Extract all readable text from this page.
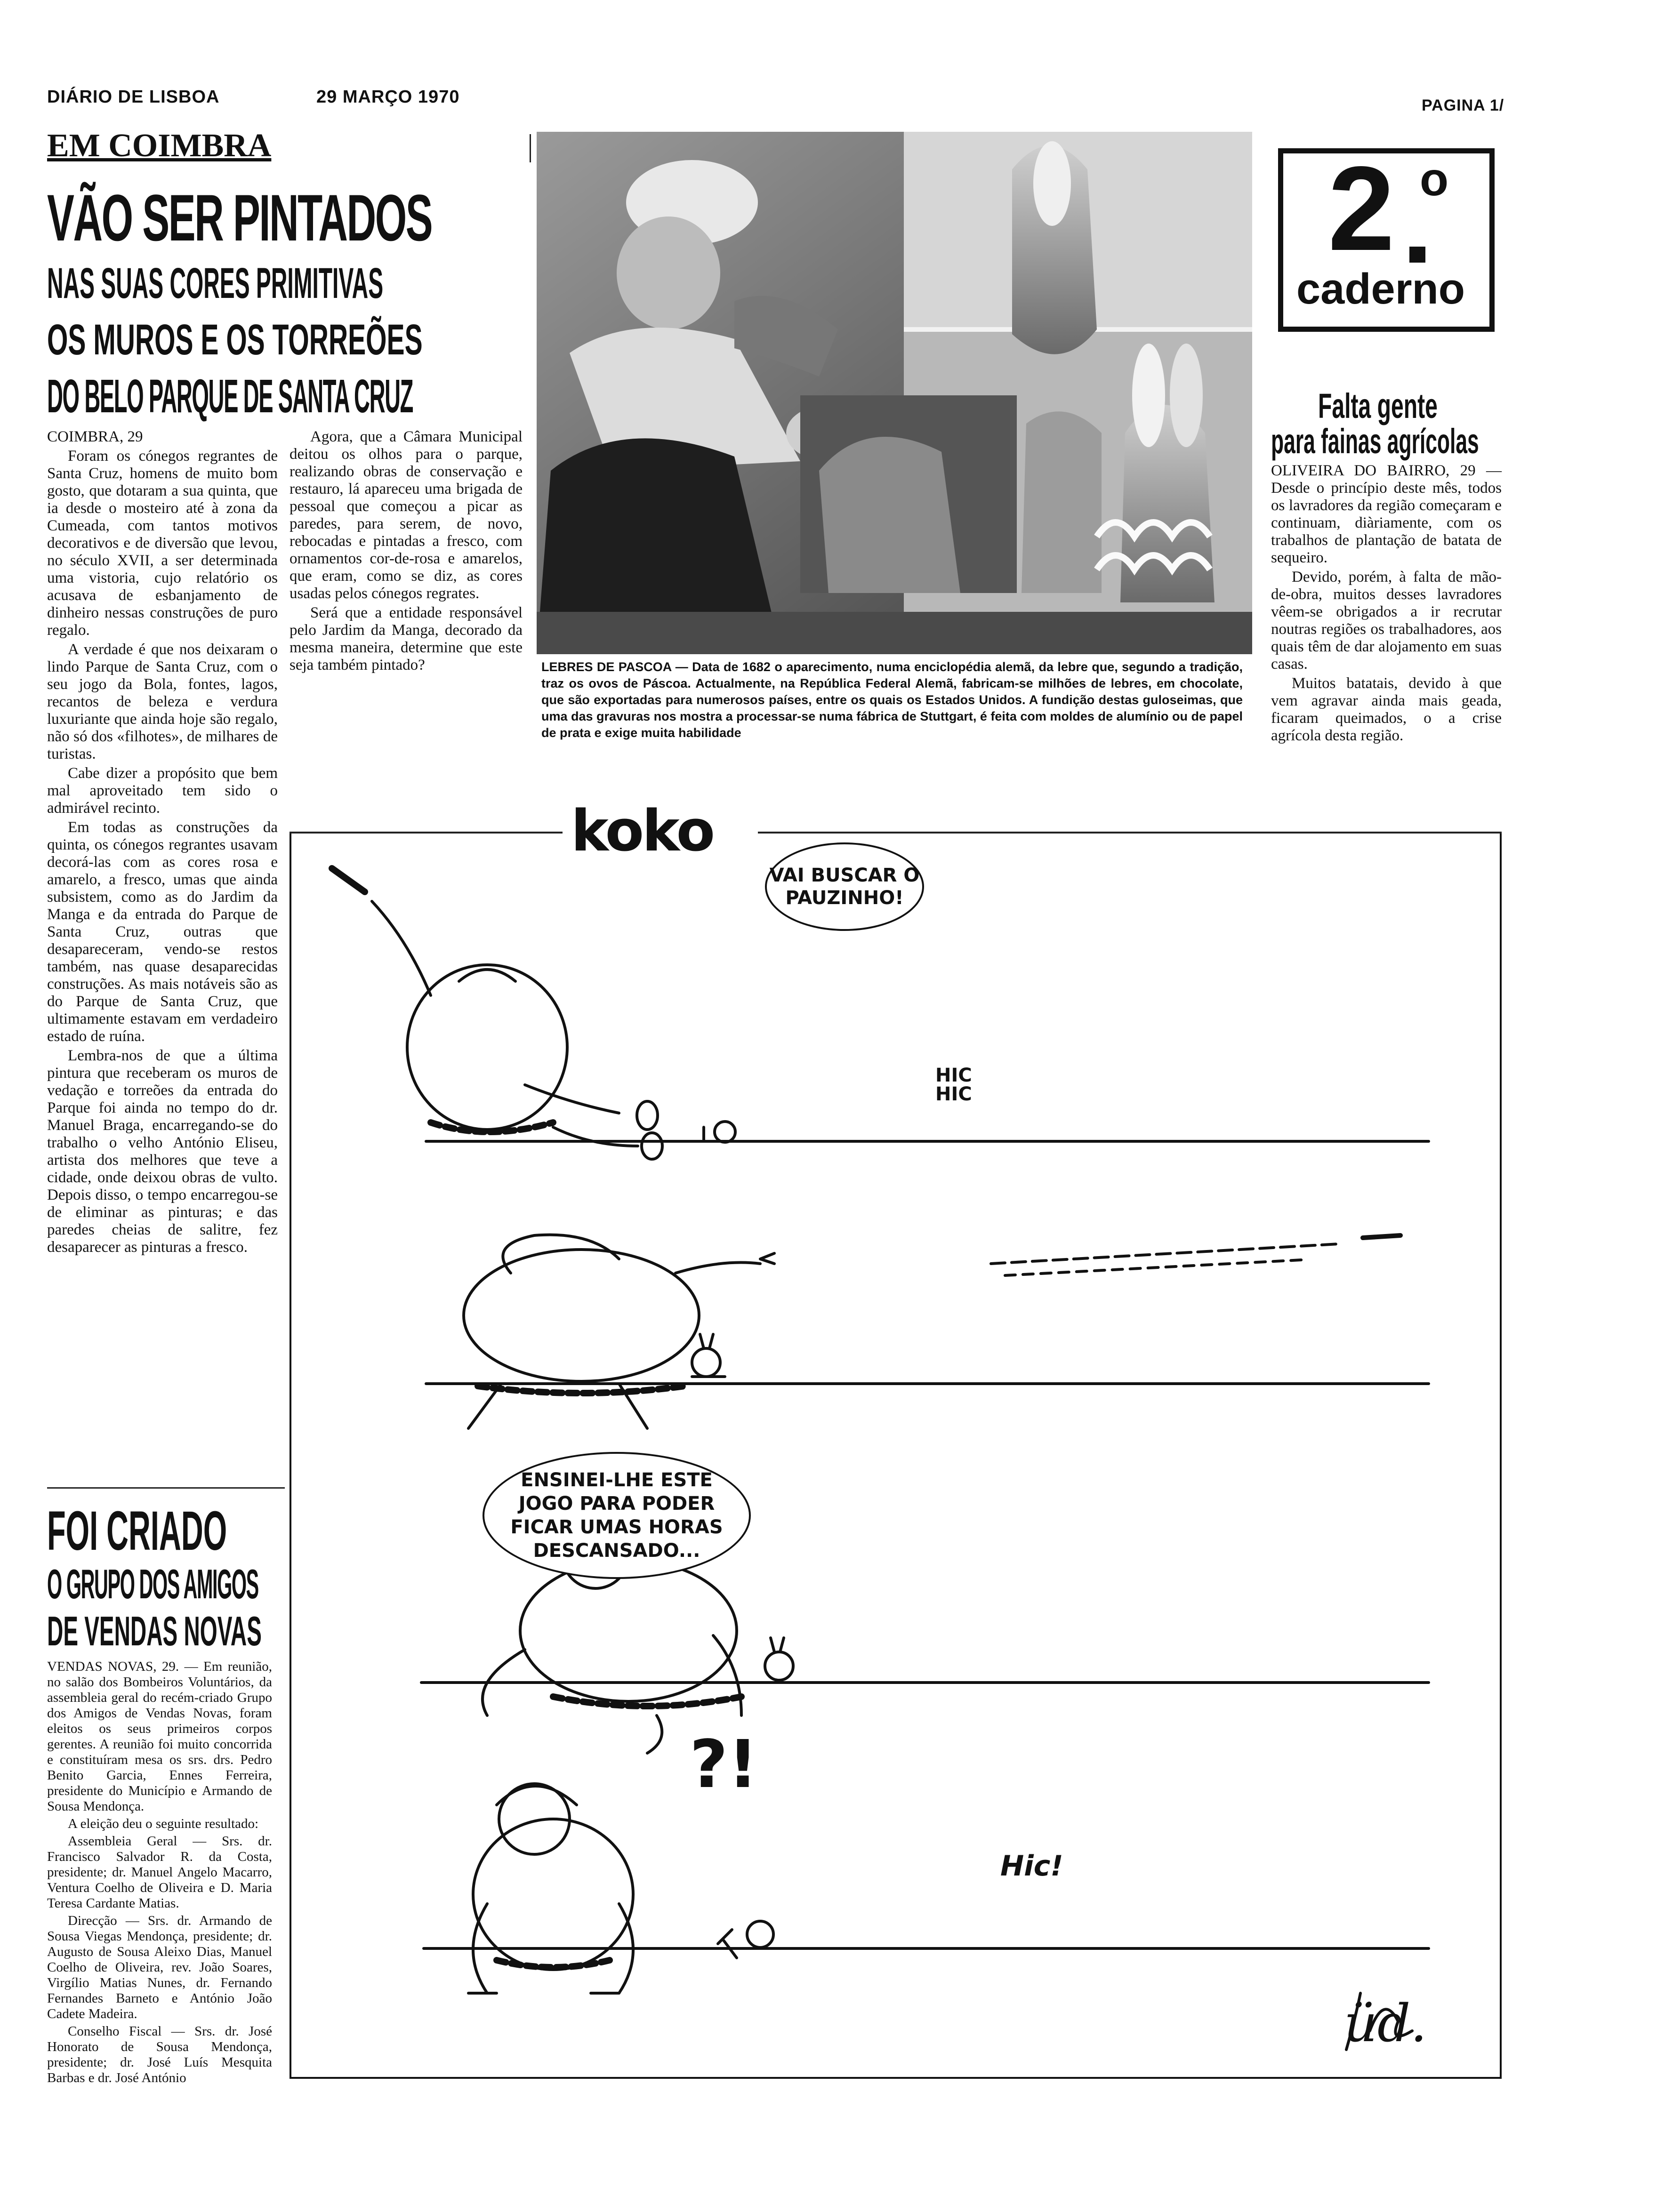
DIÁRIO DE LISBOA	29 MARÇO 1970	PAGINA 1/
EM COIMBRA
VÃO SER PINTADOS
NAS SUAS CORES PRIMITIVAS
OS MUROS E OS TORREÕES
DO BELO PARQUE DE SANTA CRUZ

COIMBRA, 29

Foram os cónegos regrantes de Santa Cruz, homens de muito bom gosto, que dotaram a sua quinta, que ia desde o mosteiro até à zona da Cumeada, com tantos motivos decorativos e de diversão que levou, no século XVII, a ser determinada uma vistoria, cujo relatório os acusava de esbanjamento de dinheiro nessas construções de puro regalo.

A verdade é que nos deixaram o lindo Parque de Santa Cruz, com o seu jogo da Bola, fontes, lagos, recantos de beleza e verdura luxuriante que ainda hoje são regalo, não só dos «filhotes», de milhares de turistas.

Cabe dizer a propósito que bem mal aproveitado tem sido o admirável recinto.

Em todas as construções da quinta, os cónegos regrantes usavam decorá-las com as cores rosa e amarelo, a fresco, umas que ainda subsistem, como as do Jardim da Manga e da entrada do Parque de Santa Cruz, outras que desapareceram, vendo-se restos também, nas quase desaparecidas construções. As mais notáveis são as do Parque de Santa Cruz, que ultimamente estavam em verdadeiro estado de ruína.

Lembra-nos de que a última pintura que receberam os muros de vedação e torreões da entrada do Parque foi ainda no tempo do dr. Manuel Braga, encarregando-se do trabalho o velho António Eliseu, artista dos melhores que teve a cidade, onde deixou obras de vulto. Depois disso, o tempo encarregou-se de eliminar as pinturas; e das paredes cheias de salitre, fez desaparecer as pinturas a fresco.

Agora, que a Câmara Municipal deitou os olhos para o parque, realizando obras de conservação e restauro, lá apareceu uma brigada de pessoal que começou a picar as paredes, para serem, de novo, rebocadas e pintadas a fresco, com ornamentos cor-de-rosa e amarelos, que eram, como se diz, as cores usadas pelos cónegos regrates.

Será que a entidade responsável pelo Jardim da Manga, decorado da mesma maneira, determine que este seja também pintado?	LEBRES DE PASCOA — Data de 1682 o aparecimento, numa enciclopédia alemã, da lebre que, segundo a tradição, traz os ovos de Páscoa. Actualmente, na República Federal Alemã, fabricam-se milhões de lebres, em chocolate, que são exportadas para numerosos países, entre os quais os Estados Unidos. A fundição destas guloseimas, que uma das gravuras nos mostra a processar-se numa fábrica de Stuttgart, é feita com moldes de alumínio ou de papel de prata e exige muita habilidade
2 o
caderno
Falta gente
para fainas agrícolas

OLIVEIRA DO BAIRRO, 29 — Desde o princípio deste mês, todos os lavradores da região começaram e continuam, diàriamente, com os trabalhos de plantação de batata de sequeiro.

Devido, porém, à falta de mão-de-obra, muitos desses lavradores vêem-se obrigados a ir recrutar noutras regiões os trabalhadores, aos quais têm de dar alojamento em suas casas.

Muitos batatais, devido à que vem agravar ainda mais geada, ficaram queimados, o a crise agrícola desta região.

FOI CRIADO
O GRUPO DOS AMIGOS
DE VENDAS NOVAS

VENDAS NOVAS, 29. — Em reunião, no salão dos Bombeiros Voluntários, da assembleia geral do recém-criado Grupo dos Amigos de Vendas Novas, foram eleitos os seus primeiros corpos gerentes. A reunião foi muito concorrida e constituíram mesa os srs. drs. Pedro Benito Garcia, Ennes Ferreira, presidente do Município e Armando de Sousa Mendonça.

A eleição deu o seguinte resultado:

Assembleia Geral — Srs. dr. Francisco Salvador R. da Costa, presidente; dr. Manuel Angelo Macarro, Ventura Coelho de Oliveira e D. Maria Teresa Cardante Matias.

Direcção — Srs. dr. Armando de Sousa Viegas Mendonça, presidente; dr. Augusto de Sousa Aleixo Dias, Manuel Coelho de Oliveira, rev. João Soares, Virgílio Matias Nunes, dr. Fernando Fernandes Barneto e António João Cadete Madeira.

Conselho Fiscal — Srs. dr. José Honorato de Sousa Mendonça, presidente; dr. José Luís Mesquita Barbas e dr. José António

koko
VAI BUSCAR O PAUZINHO!
HIC HIC
ENSINEI-LHE ESTE JOGO PARA PODER FICAR UMAS HORAS DESCANSADO...
?!
Hic!
üd.
